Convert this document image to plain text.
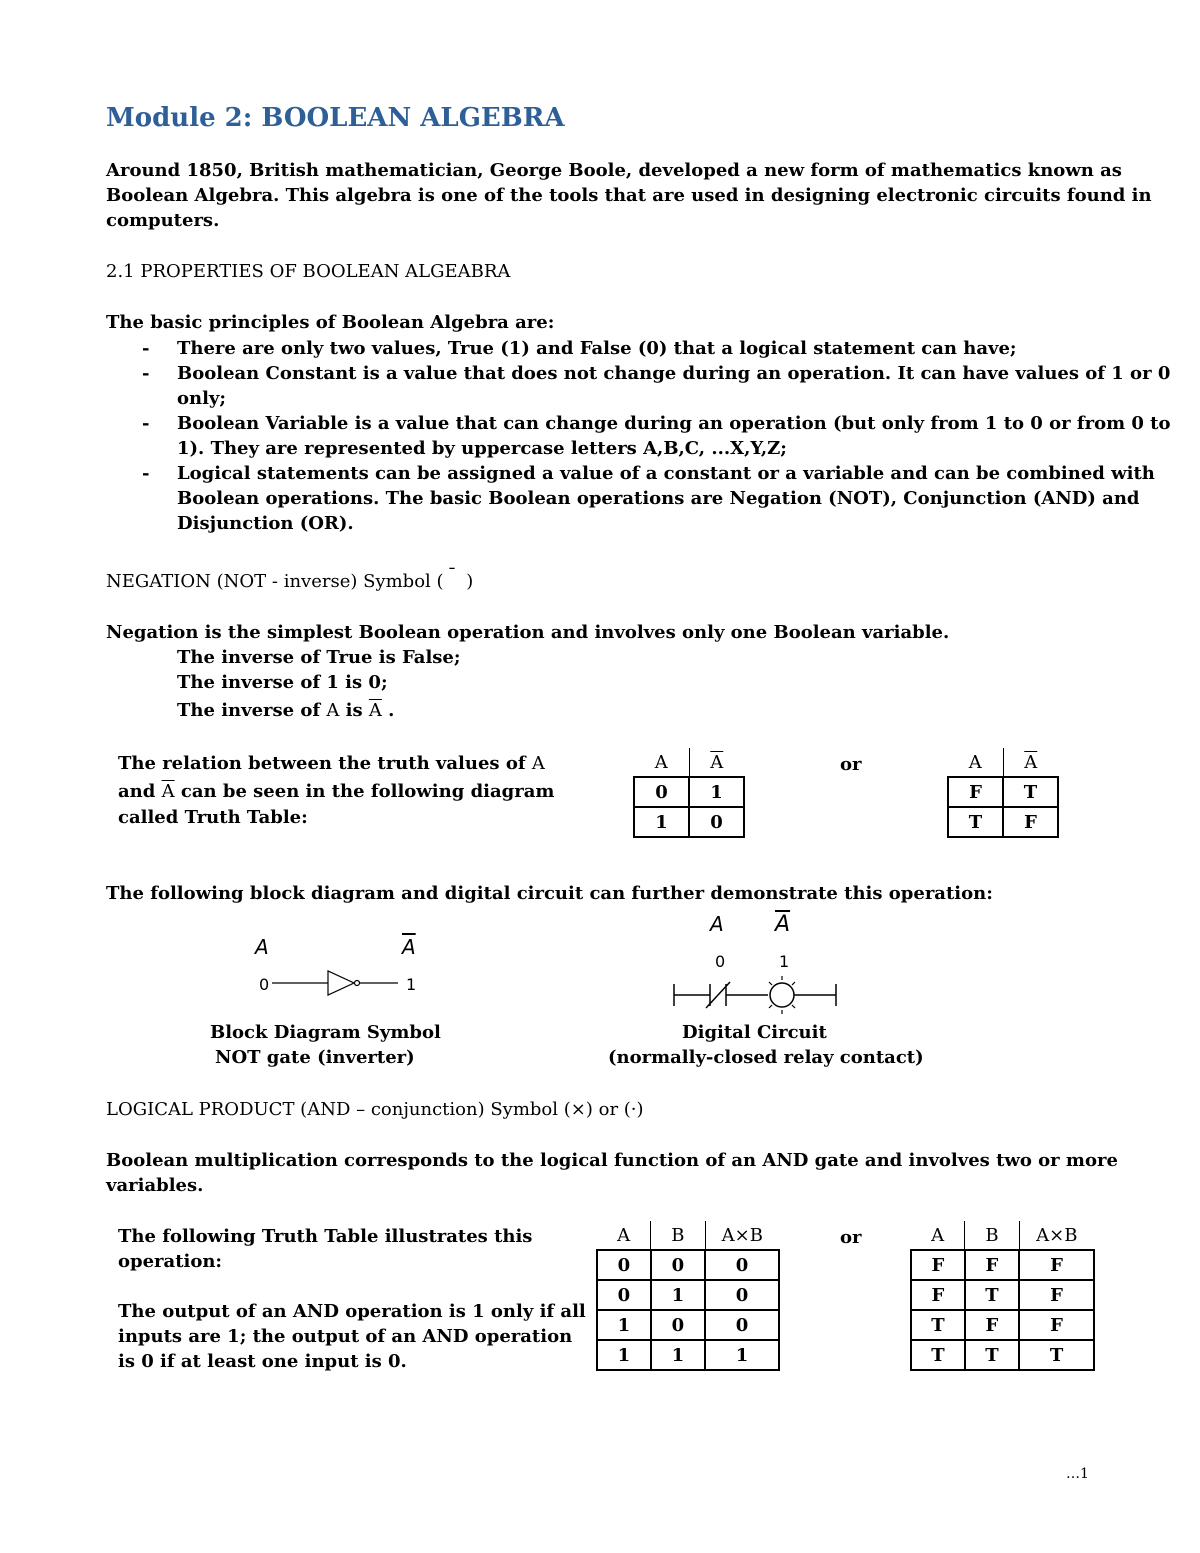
Module 2: BOOLEAN ALGEBRA
Around 1850, British mathematician, George Boole, developed a new form of mathematics known as
Boolean Algebra. This algebra is one of the tools that are used in designing electronic circuits found in
computers.
2.1 PROPERTIES OF BOOLEAN ALGEABRA
The basic principles of Boolean Algebra are:
- There are only two values, True (1) and False (0) that a logical statement can have;
- Boolean Constant is a value that does not change during an operation. It can have values of 1 or 0
only;
- Boolean Variable is a value that can change during an operation (but only from 1 to 0 or from 0 to
1). They are represented by uppercase letters A,B,C, ...X,Y,Z;
- Logical statements can be assigned a value of a constant or a variable and can be combined with
Boolean operations. The basic Boolean operations are Negation (NOT), Conjunction (AND) and
Disjunction (OR).
NEGATION (NOT - inverse) Symbol ( ¯ )
Negation is the simplest Boolean operation and involves only one Boolean variable.
The inverse of True is False;
The inverse of 1 is 0;
The inverse of A is $\overline{A}$ .
The relation between the truth values of A
and $\overline{A}$ can be seen in the following diagram
called Truth Table:
A	$\overline{A}$
0	1
1	0
or	A	$\overline{A}$
F	T
T	F
The following block diagram and digital circuit can further demonstrate this operation:
A	$\overline{A}$
0	1
Block Diagram Symbol
NOT gate (inverter)
A $\overline{A}$
0	1
Digital Circuit
(normally-closed relay contact)
LOGICAL PRODUCT (AND – conjunction) Symbol (×) or (·)
Boolean multiplication corresponds to the logical function of an AND gate and involves two or more
variables.
The following Truth Table illustrates this
operation:
The output of an AND operation is 1 only if all
inputs are 1; the output of an AND operation
is 0 if at least one input is 0.
A	B	A×B
0	0	0
0	1	0
1	0	0
1	1	1
or	A	B	A×B
F	F	F
F	T	F
T	F	F
T	T	T
…1
